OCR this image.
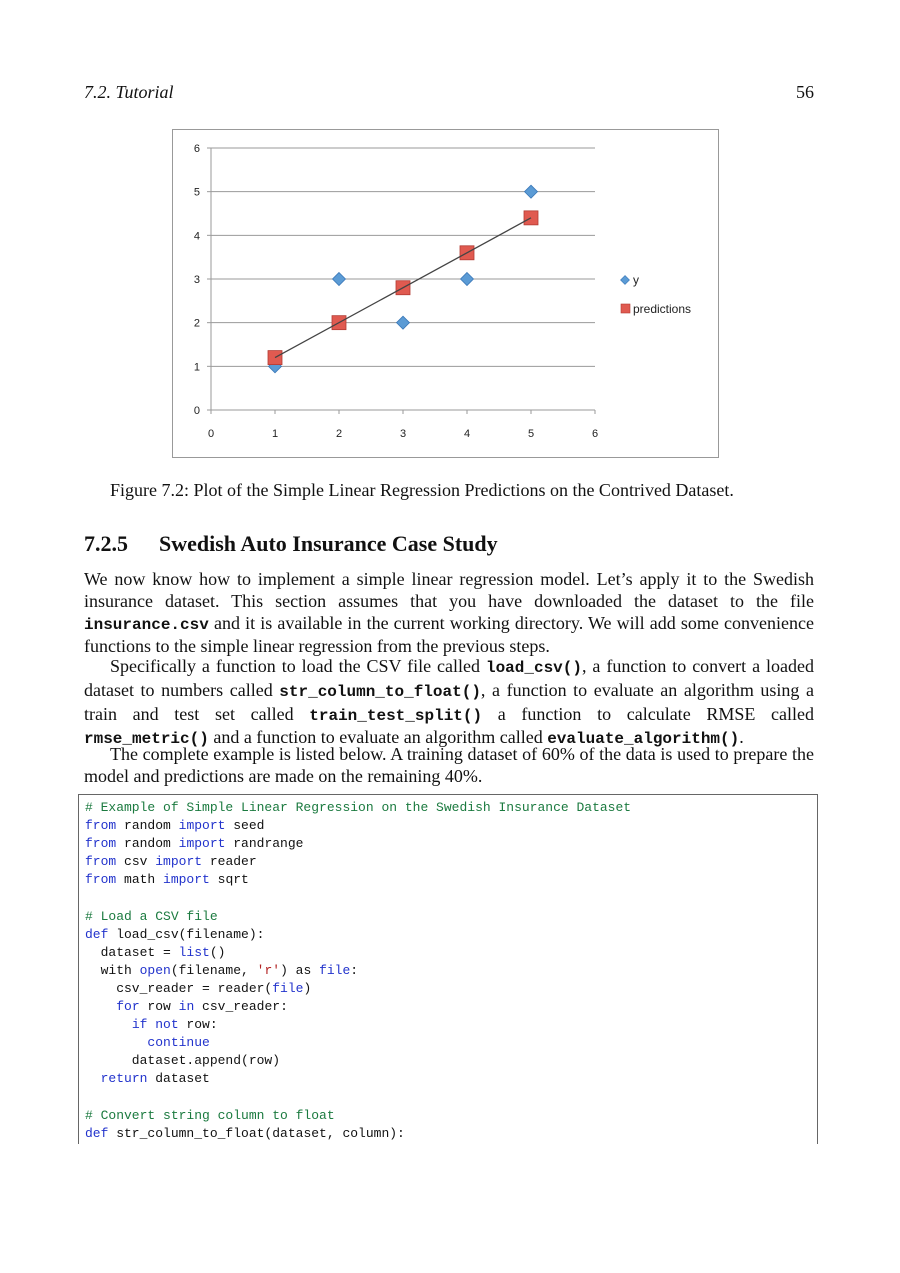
7.2. Tutorial	56
0
1
2
3
4
5
6
0	1	2	3	4	5	6
y
predictions
Figure 7.2: Plot of the Simple Linear Regression Predictions on the Contrived Dataset.
7.2.5 Swedish Auto Insurance Case Study

We now know how to implement a simple linear regression model. Let’s apply it to the Swedish insurance dataset. This section assumes that you have downloaded the dataset to the file insurance.csv and it is available in the current working directory. We will add some convenience functions to the simple linear regression from the previous steps.

Specifically a function to load the CSV file called load_csv(), a function to convert a loaded dataset to numbers called str_column_to_float(), a function to evaluate an algorithm using a train and test set called train_test_split() a function to calculate RMSE called rmse_metric() and a function to evaluate an algorithm called evaluate_algorithm().

The complete example is listed below. A training dataset of 60% of the data is used to prepare the model and predictions are made on the remaining 40%.

# Example of Simple Linear Regression on the Swedish Insurance Dataset
from random import seed
from random import randrange
from csv import reader
from math import sqrt

# Load a CSV file
def load_csv(filename):
dataset = list()
with open(filename, 'r') as file:
csv_reader = reader(file)
for row in csv_reader:
if not row:
continue
dataset.append(row)
return dataset

# Convert string column to float
def str_column_to_float(dataset, column):
